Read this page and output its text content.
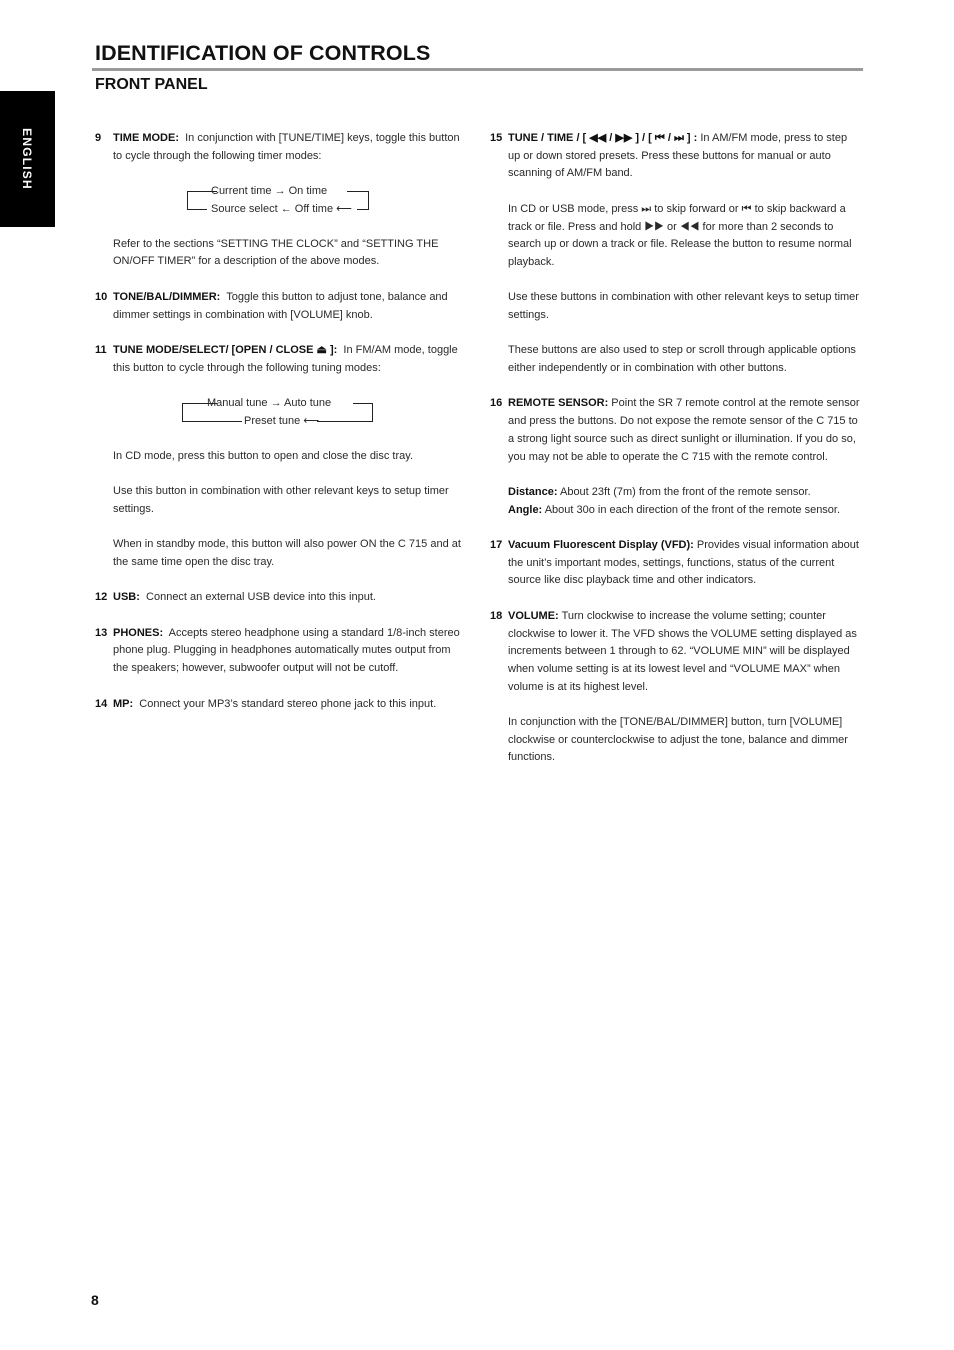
IDENTIFICATION OF CONTROLS
FRONT PANEL
ENGLISH	9 TIME MODE: In conjunction with [TUNE/TIME] keys, toggle this button to cycle through the following timer modes:

Current time → On time
Source select ← Off time ⟵

Refer to the sections “SETTING THE CLOCK” and “SETTING THE ON/OFF TIMER” for a description of the above modes.

10 TONE/BAL/DIMMER: Toggle this button to adjust tone, balance and dimmer settings in combination with [VOLUME] knob.

11 TUNE MODE/SELECT/ [OPEN / CLOSE ⏏ ]: In FM/AM mode, toggle this button to cycle through the following tuning modes:

Manual tune → Auto tune
Preset tune ⟵

In CD mode, press this button to open and close the disc tray.

Use this button in combination with other relevant keys to setup timer settings.

When in standby mode, this button will also power ON the C 715 and at the same time open the disc tray.

12 USB: Connect an external USB device into this input.

13 PHONES: Accepts stereo headphone using a standard 1/8-inch stereo phone plug. Plugging in headphones automatically mutes output from the speakers; however, subwoofer output will not be cutoff.

14 MP: Connect your MP3’s standard stereo phone jack to this input.

15 TUNE / TIME / [ ◀◀ / ▶▶ ] / [ ⏮ / ⏭ ] : In AM/FM mode, press to step up or down stored presets. Press these buttons for manual or auto scanning of AM/FM band.

In CD or USB mode, press ⏭ to skip forward or ⏮ to skip backward a track or file. Press and hold ▶▶ or ◀◀ for more than 2 seconds to search up or down a track or file. Release the button to resume normal playback.

Use these buttons in combination with other relevant keys to setup timer settings.

These buttons are also used to step or scroll through applicable options either independently or in combination with other buttons.

16 REMOTE SENSOR: Point the SR 7 remote control at the remote sensor and press the buttons. Do not expose the remote sensor of the C 715 to a strong light source such as direct sunlight or illumination. If you do so, you may not be able to operate the C 715 with the remote control.

Distance: About 23ft (7m) from the front of the remote sensor.
Angle: About 30o in each direction of the front of the remote sensor.

17 Vacuum Fluorescent Display (VFD): Provides visual information about the unit’s important modes, settings, functions, status of the current source like disc playback time and other indicators.

18 VOLUME: Turn clockwise to increase the volume setting; counter clockwise to lower it. The VFD shows the VOLUME setting displayed as increments between 1 through to 62. “VOLUME MIN” will be displayed when volume setting is at its lowest level and “VOLUME MAX” when volume is at its highest level.

In conjunction with the [TONE/BAL/DIMMER] button, turn [VOLUME] clockwise or counterclockwise to adjust the tone, balance and dimmer functions.

8
